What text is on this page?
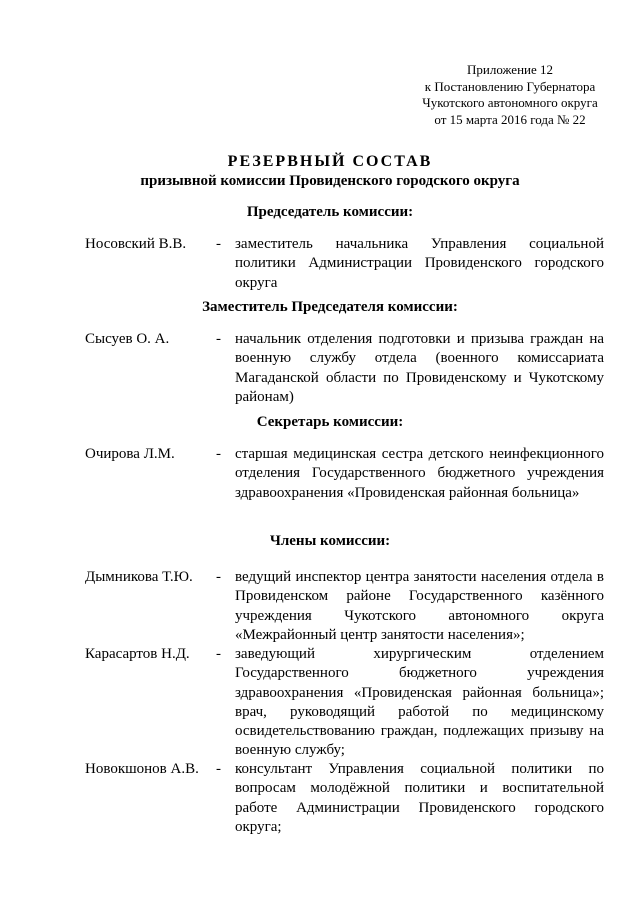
Приложение 12
к Постановлению Губернатора
Чукотского автономного округа
от 15 марта 2016 года № 22
РЕЗЕРВНЫЙ СОСТАВ
призывной комиссии Провиденского городского округа
Председатель комиссии:
Носовский В.В. - заместитель начальника Управления социальной политики Администрации Провиденского городского округа
Заместитель Председателя комиссии:
Сысуев О. А.	- начальник отделения подготовки и призыва граждан на военную службу отдела (военного комиссариата Магаданской области по Провиденскому и Чукотскому районам)
Секретарь комиссии:
Очирова Л.М.	- старшая медицинская сестра детского неинфекционного отделения Государственного бюджетного учреждения здравоохранения «Провиденская районная больница»
Члены комиссии:
Дымникова Т.Ю. - ведущий инспектор центра занятости населения отдела в Провиденском районе Государственного казённого учреждения Чукотского автономного округа «Межрайонный центр занятости населения»;
Карасартов Н.Д. - заведующий хирургическим отделением Государственного бюджетного учреждения здравоохранения «Провиденская районная больница»; врач, руководящий работой по медицинскому освидетельствованию граждан, подлежащих призыву на военную службу;
Новокшонов А.В. - консультант Управления социальной политики по вопросам молодёжной политики и воспитательной работе Администрации Провиденского городского округа;
